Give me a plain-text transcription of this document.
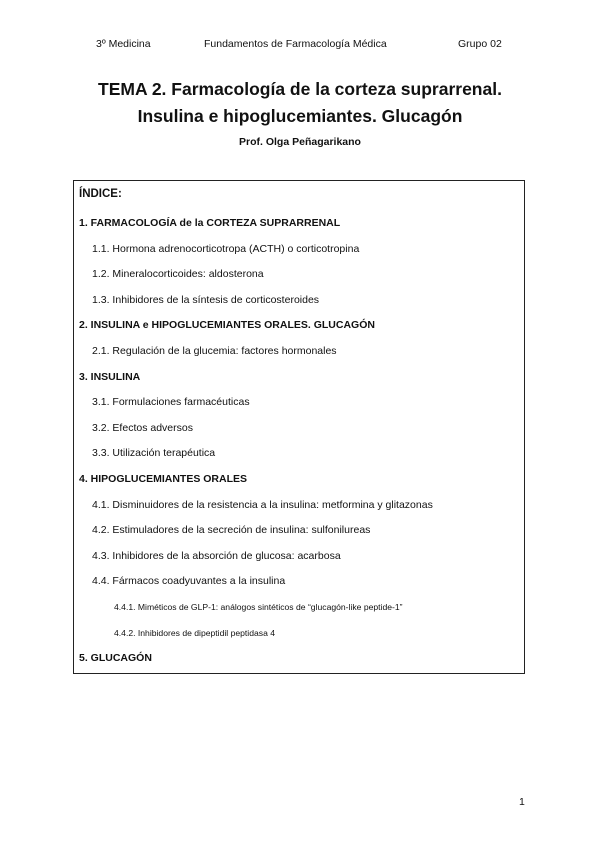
3º Medicina	Fundamentos de Farmacología Médica	Grupo 02
TEMA 2. Farmacología de la corteza suprarrenal.
Insulina e hipoglucemiantes. Glucagón
Prof. Olga Peñagarikano
ÍNDICE:
1. FARMACOLOGÍA de la CORTEZA SUPRARRENAL
1.1. Hormona adrenocorticotropa (ACTH) o corticotropina
1.2. Mineralocorticoides: aldosterona
1.3. Inhibidores de la síntesis de corticosteroides
2. INSULINA e HIPOGLUCEMIANTES ORALES. GLUCAGÓN
2.1. Regulación de la glucemia: factores hormonales
3. INSULINA
3.1. Formulaciones farmacéuticas
3.2. Efectos adversos
3.3. Utilización terapéutica
4. HIPOGLUCEMIANTES ORALES
4.1. Disminuidores de la resistencia a la insulina: metformina y glitazonas
4.2. Estimuladores de la secreción de insulina: sulfonilureas
4.3. Inhibidores de la absorción de glucosa: acarbosa
4.4. Fármacos coadyuvantes a la insulina
4.4.1. Miméticos de GLP-1: análogos sintéticos de “glucagón-like peptide-1”
4.4.2. Inhibidores de dipeptidil peptidasa 4
5. GLUCAGÓN
1
